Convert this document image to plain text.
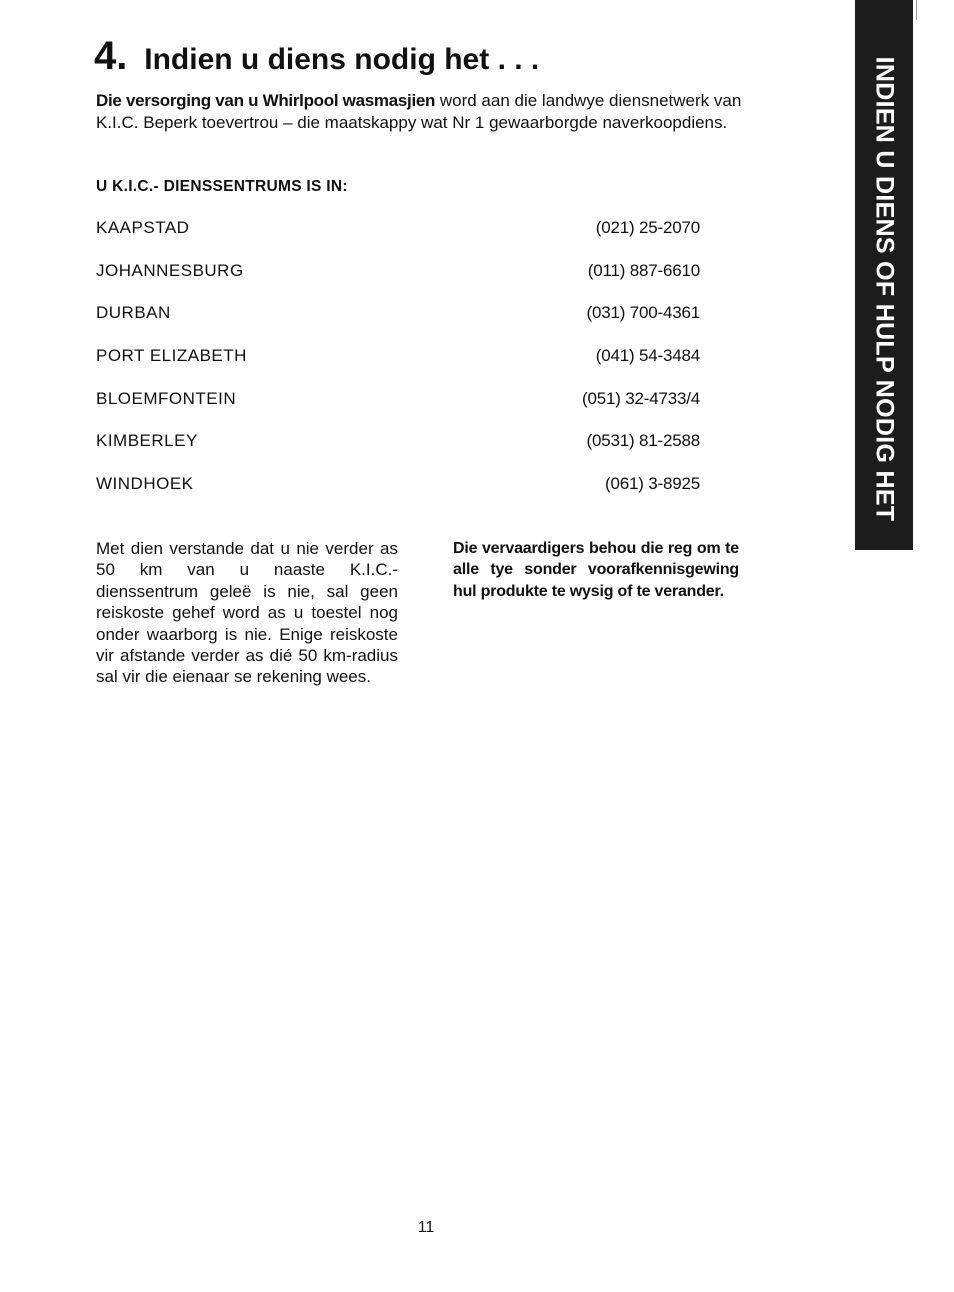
4. Indien u diens nodig het . . .

Die versorging van u Whirlpool wasmasjien word aan die landwye diensnetwerk van K.I.C. Beperk toevertrou – die maatskappy wat Nr 1 gewaarborgde naverkoopdiens.

U K.I.C.- DIENSSENTRUMS IS IN:

KAAPSTAD	(021) 25-2070
JOHANNESBURG	(011) 887-6610
DURBAN	(031) 700-4361
PORT ELIZABETH	(041) 54-3484
BLOEMFONTEIN	(051) 32-4733/4
KIMBERLEY	(0531) 81-2588
WINDHOEK	(061) 3-8925

Met dien verstande dat u nie verder as 50 km van u naaste K.I.C.-dienssentrum geleë is nie, sal geen reiskoste gehef word as u toestel nog onder waarborg is nie. Enige reiskoste vir afstande verder as dié 50 km-radius sal vir die eienaar se rekening wees.

Die vervaardigers behou die reg om te alle tye sonder voorafkennisgewing hul produkte te wysig of te verander.

INDIEN U DIENS OF HULP NODIG HET

11
